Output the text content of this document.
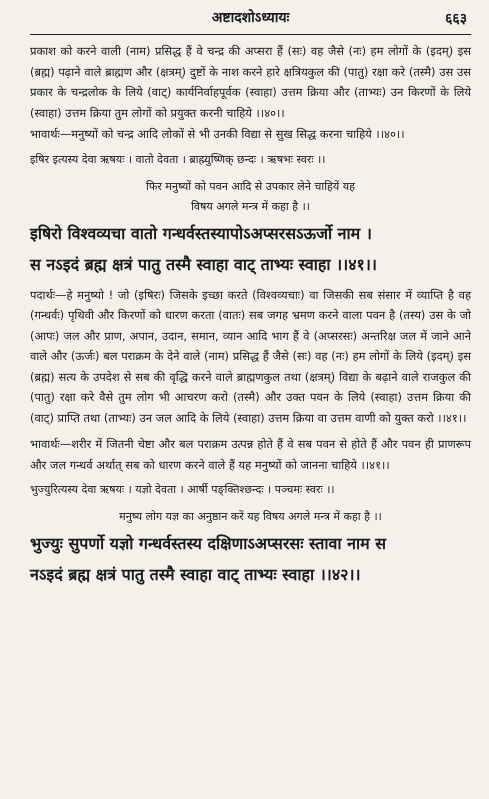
अष्टादशोऽध्यायः	६६३

प्रकाश को करने वाली (नाम) प्रसिद्ध हैं वे चन्द्र की अप्सरा हैं (सः) वह जैसे (नः) हम लोगों के (इदम्) इस (ब्रह्म) पढ़ाने वाले ब्राह्मण और (क्षत्रम्) दुष्टों के नाश करने हारे क्षत्रियकुल की (पातु) रक्षा करे (तस्मै) उस उस प्रकार के चन्द्रलोक के लिये (वाट्) कार्यनिर्वाहपूर्वक (स्वाहा) उत्तम क्रिया और (ताभ्यः) उन किरणों के लिये (स्वाहा) उत्तम क्रिया तुम लोगों को प्रयुक्त करनी चाहिये ।।४०।।

भावार्थः—मनुष्यों को चन्द्र आदि लोकों से भी उनकी विद्या से सुख सिद्ध करना चाहिये ।।४०।।

इषिर इत्यस्य देवा ऋषयः । वातो देवता । ब्राह्म्युष्णिक् छन्दः । ऋषभः स्वरः ।।

फिर मनुष्यों को पवन आदि से उपकार लेने चाहियें यह
विषय अगले मन्त्र में कहा है ।।
इषिरो विश्वव्यचा वातो गन्धर्वस्तस्यापोऽअप्सरसऽऊर्जो नाम ।
स नऽइदं ब्रह्म क्षत्रं पातु तस्मै स्वाहा वाट् ताभ्यः स्वाहा ।।४१।।

पदार्थः—हे मनुष्यो ! जो (इषिरः) जिसके इच्छा करते (विश्वव्यचाः) वा जिसकी सब संसार में व्याप्ति है वह (गन्धर्वः) पृथिवी और किरणों को धारण करता (वातः) सब जगह भ्रमण करने वाला पवन है (तस्य) उस के जो (आपः) जल और प्राण, अपान, उदान, समान, व्यान आदि भाग हैं वे (अप्सरसः) अन्तरिक्ष जल में जाने आने वाले और (ऊर्जः) बल पराक्रम के देने वाले (नाम) प्रसिद्ध हैं जैसे (सः) वह (नः) हम लोगों के लिये (इदम्) इस (ब्रह्म) सत्य के उपदेश से सब की वृद्धि करने वाले ब्राह्मणकुल तथा (क्षत्रम्) विद्या के बढ़ाने वाले राजकुल की (पातु) रक्षा करे वैसे तुम लोग भी आचरण करो (तस्मै) और उक्त पवन के लिये (स्वाहा) उत्तम क्रिया की (वाट्) प्राप्ति तथा (ताभ्यः) उन जल आदि के लिये (स्वाहा) उत्तम क्रिया वा उत्तम वाणी को युक्त करो ।।४१।।

भावार्थः—शरीर में जितनी चेष्टा और बल पराक्रम उत्पन्न होते हैं वे सब पवन से होते हैं और पवन ही प्राणरूप और जल गन्धर्व अर्थात् सब को धारण करने वाले हैं यह मनुष्यों को जानना चाहिये ।।४१।।

भुज्युरित्यस्य देवा ऋषयः । यज्ञो देवता । आर्षी पङ्क्तिश्छन्दः । पञ्चमः स्वरः ।।

मनुष्य लोग यज्ञ का अनुष्ठान करें यह विषय अगले मन्त्र में कहा है ।।
भुज्युः सुपर्णो यज्ञो गन्धर्वस्तस्य दक्षिणाऽअप्सरसः स्तावा नाम स
नऽइदं ब्रह्म क्षत्रं पातु तस्मै स्वाहा वाट् ताभ्यः स्वाहा ।।४२।।
